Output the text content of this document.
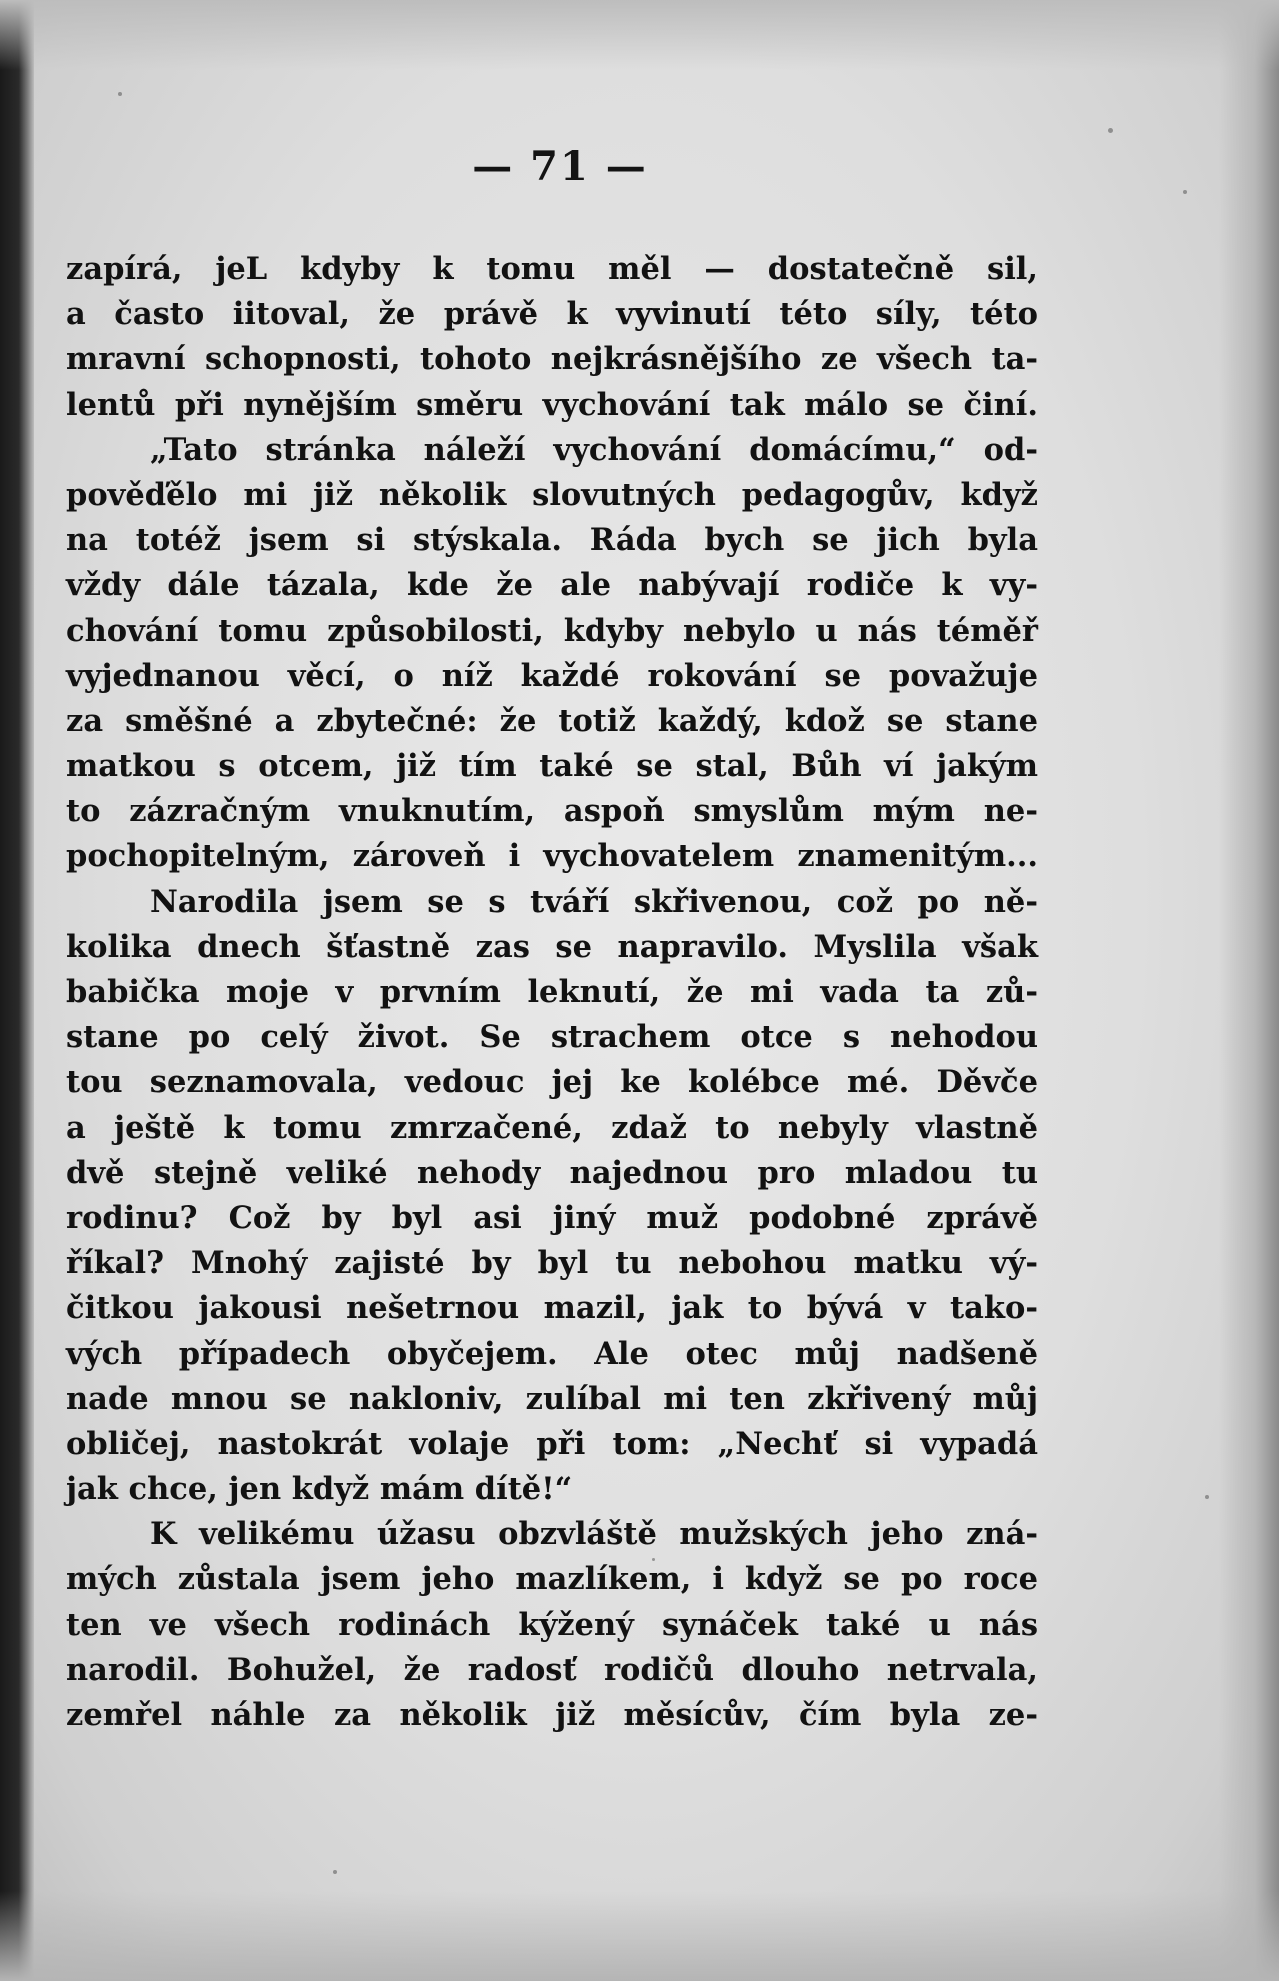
— 71 —
zapírá, jeL kdyby k tomu měl — dostatečně sil,
a často iitoval, že právě k vyvinutí této síly, této
mravní schopnosti, tohoto nejkrásnějšího ze všech ta-
lentů při nynějším směru vychování tak málo se činí.
„Tato stránka náleží vychování domácímu,“ od-
pověďělo mi již několik slovutných pedagogův, když
na totéž jsem si stýskala. Ráda bych se jich byla
vždy dále tázala, kde že ale nabývají rodiče k vy-
chování tomu způsobilosti, kdyby nebylo u nás téměř
vyjednanou věcí, o níž každé rokování se považuje
za směšné a zbytečné: že totiž každý, kdož se stane
matkou s otcem, již tím také se stal, Bůh ví jakým
to zázračným vnuknutím, aspoň smyslům mým ne-
pochopitelným, zároveň i vychovatelem znamenitým...
Narodila jsem se s tváří skřivenou, což po ně-
kolika dnech šťastně zas se napravilo. Myslila však
babička moje v prvním leknutí, že mi vada ta zů-
stane po celý život. Se strachem otce s nehodou
tou seznamovala, vedouc jej ke kolébce mé. Děvče
a ještě k tomu zmrzačené, zdaž to nebyly vlastně
dvě stejně veliké nehody najednou pro mladou tu
rodinu? Což by byl asi jiný muž podobné zprávě
říkal? Mnohý zajisté by byl tu nebohou matku vý-
čitkou jakousi nešetrnou mazil, jak to bývá v tako-
vých případech obyčejem. Ale otec můj nadšeně
nade mnou se nakloniv, zulíbal mi ten zkřivený můj
obličej, nastokrát volaje při tom: „Nechť si vypadá
jak chce, jen když mám dítě!“
K velikému úžasu obzvláště mužských jeho zná-
mých zůstala jsem jeho mazlíkem, i když se po roce
ten ve všech rodinách kýžený synáček také u nás
narodil. Bohužel, že radosť rodičů dlouho netrvala,
zemřel náhle za několik již měsícův, čím byla ze-
